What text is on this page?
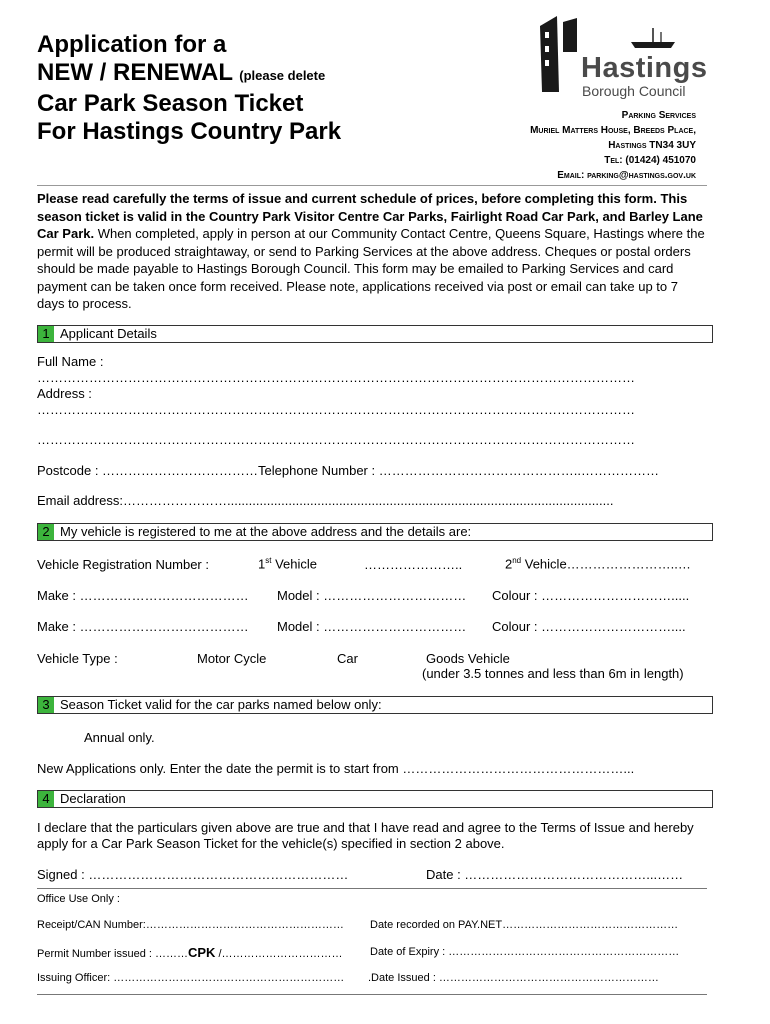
Application for a
NEW / RENEWAL (please delete
Car Park Season Ticket
For Hastings Country Park
Hastings
Borough Council
Parking Services
Muriel Matters House, Breeds Place,
Hastings TN34 3UY
Tel: (01424) 451070
Email: parking@hastings.gov.uk
Please read carefully the terms of issue and current schedule of prices, before completing this form. This season ticket is valid in the Country Park Visitor Centre Car Parks, Fairlight Road Car Park, and Barley Lane Car Park. When completed, apply in person at our Community Contact Centre, Queens Square, Hastings where the permit will be produced straightaway, or send to Parking Services at the above address. Cheques or postal orders should be made payable to Hastings Borough Council. This form may be emailed to Parking Services and card payment can be taken once form received. Please note, applications received via post or email can take up to 7 days to process.
1 Applicant Details
Full Name :
…………………………………………………………………………………………………………………………
Address :
…………………………………………………………………………………………………………………………
…………………………………………………………………………………………………………………………
Postcode : ………………………………Telephone Number : ………………………………………..………………
Email address:……………………...........................................................................................................
2 My vehicle is registered to me at the above address and the details are:
Vehicle Registration Number :	1st Vehicle	…………………..	2nd Vehicle……………………..…
Make : ………………………………… Model : …………………………… Colour : ………………………….....
Make : ………………………………… Model : …………………………… Colour : …………………………....
Vehicle Type :	Motor Cycle	Car	Goods Vehicle
(under 3.5 tonnes and less than 6m in length)
3 Season Ticket valid for the car parks named below only:
Annual only.
New Applications only. Enter the date the permit is to start from ……………………………………………...
4 Declaration
I declare that the particulars given above are true and that I have read and agree to the Terms of Issue and hereby apply for a Car Park Season Ticket for the vehicle(s) specified in section 2 above.
Signed : ……………………………………………………	Date : ……………………………………...……
Office Use Only :
Receipt/CAN Number:……………………………………………… Date recorded on PAY.NET…………………………………………
Permit Number issued : ………CPK /…………………………… Date of Expiry : ………………………………………………………
Issuing Officer: ……………………………………………………… .Date Issued : ……………………………………………………
